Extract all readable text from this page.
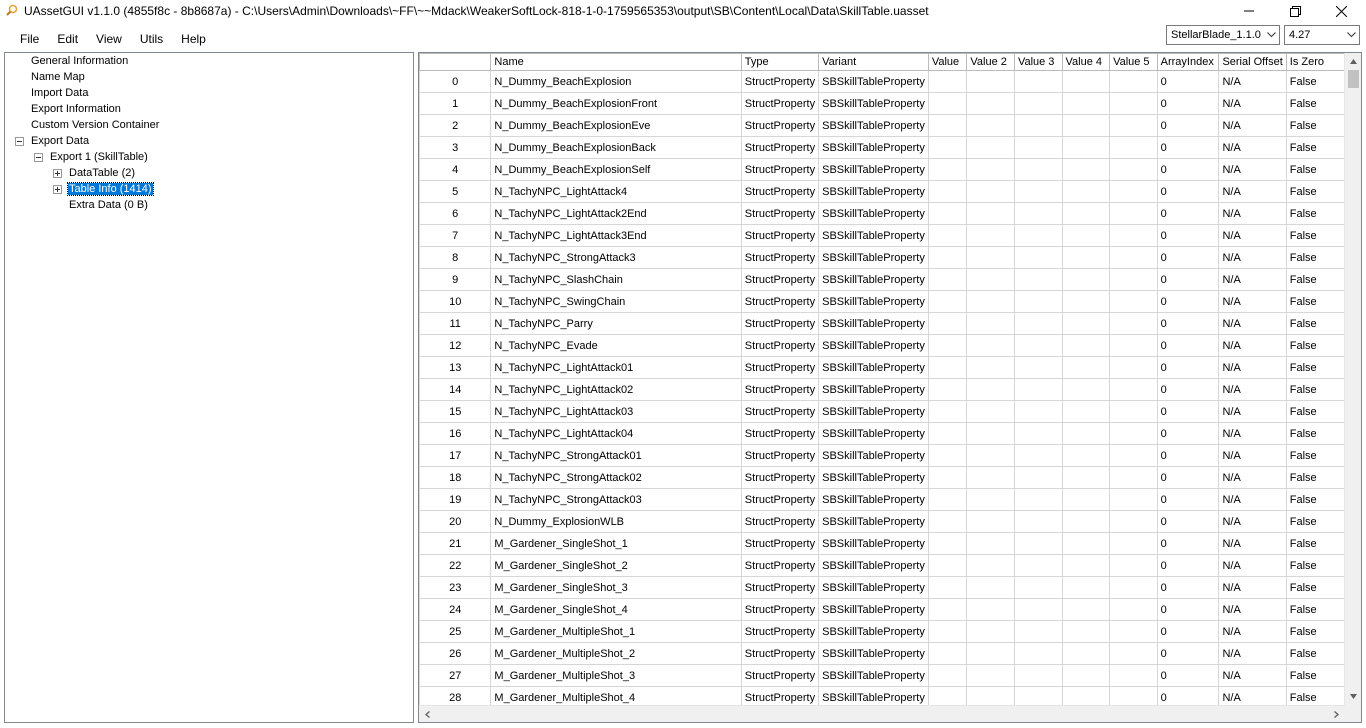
UAssetGUI v1.1.0 (4855f8c - 8b8687a) - C:\Users\Admin\Downloads\~FF\~~Mdack\WeakerSoftLock-818-1-0-1759565353\output\SB\Content\Local\Data\SkillTable.uasset
File	Edit	View	Utils	Help	StellarBlade_1.1.0	4.27
General Information
Name Map
Import Data
Export Information
Custom Version Container
Export Data
Export 1 (SkillTable)
DataTable (2)
Table Info (1414)
Extra Data (0 B)
	Name	Type	Variant	Value	Value 2	Value 3	Value 4	Value 5	ArrayIndex	Serial Offset	Is Zero
0	N_Dummy_BeachExplosion	StructProperty	SBSkillTableProperty						0	N/A	False
1	N_Dummy_BeachExplosionFront	StructProperty	SBSkillTableProperty						0	N/A	False
2	N_Dummy_BeachExplosionEve	StructProperty	SBSkillTableProperty						0	N/A	False
3	N_Dummy_BeachExplosionBack	StructProperty	SBSkillTableProperty						0	N/A	False
4	N_Dummy_BeachExplosionSelf	StructProperty	SBSkillTableProperty						0	N/A	False
5	N_TachyNPC_LightAttack4	StructProperty	SBSkillTableProperty						0	N/A	False
6	N_TachyNPC_LightAttack2End	StructProperty	SBSkillTableProperty						0	N/A	False
7	N_TachyNPC_LightAttack3End	StructProperty	SBSkillTableProperty						0	N/A	False
8	N_TachyNPC_StrongAttack3	StructProperty	SBSkillTableProperty						0	N/A	False
9	N_TachyNPC_SlashChain	StructProperty	SBSkillTableProperty						0	N/A	False
10	N_TachyNPC_SwingChain	StructProperty	SBSkillTableProperty						0	N/A	False
11	N_TachyNPC_Parry	StructProperty	SBSkillTableProperty						0	N/A	False
12	N_TachyNPC_Evade	StructProperty	SBSkillTableProperty						0	N/A	False
13	N_TachyNPC_LightAttack01	StructProperty	SBSkillTableProperty						0	N/A	False
14	N_TachyNPC_LightAttack02	StructProperty	SBSkillTableProperty						0	N/A	False
15	N_TachyNPC_LightAttack03	StructProperty	SBSkillTableProperty						0	N/A	False
16	N_TachyNPC_LightAttack04	StructProperty	SBSkillTableProperty						0	N/A	False
17	N_TachyNPC_StrongAttack01	StructProperty	SBSkillTableProperty						0	N/A	False
18	N_TachyNPC_StrongAttack02	StructProperty	SBSkillTableProperty						0	N/A	False
19	N_TachyNPC_StrongAttack03	StructProperty	SBSkillTableProperty						0	N/A	False
20	N_Dummy_ExplosionWLB	StructProperty	SBSkillTableProperty						0	N/A	False
21	M_Gardener_SingleShot_1	StructProperty	SBSkillTableProperty						0	N/A	False
22	M_Gardener_SingleShot_2	StructProperty	SBSkillTableProperty						0	N/A	False
23	M_Gardener_SingleShot_3	StructProperty	SBSkillTableProperty						0	N/A	False
24	M_Gardener_SingleShot_4	StructProperty	SBSkillTableProperty						0	N/A	False
25	M_Gardener_MultipleShot_1	StructProperty	SBSkillTableProperty						0	N/A	False
26	M_Gardener_MultipleShot_2	StructProperty	SBSkillTableProperty						0	N/A	False
27	M_Gardener_MultipleShot_3	StructProperty	SBSkillTableProperty						0	N/A	False
28	M_Gardener_MultipleShot_4	StructProperty	SBSkillTableProperty						0	N/A	False
